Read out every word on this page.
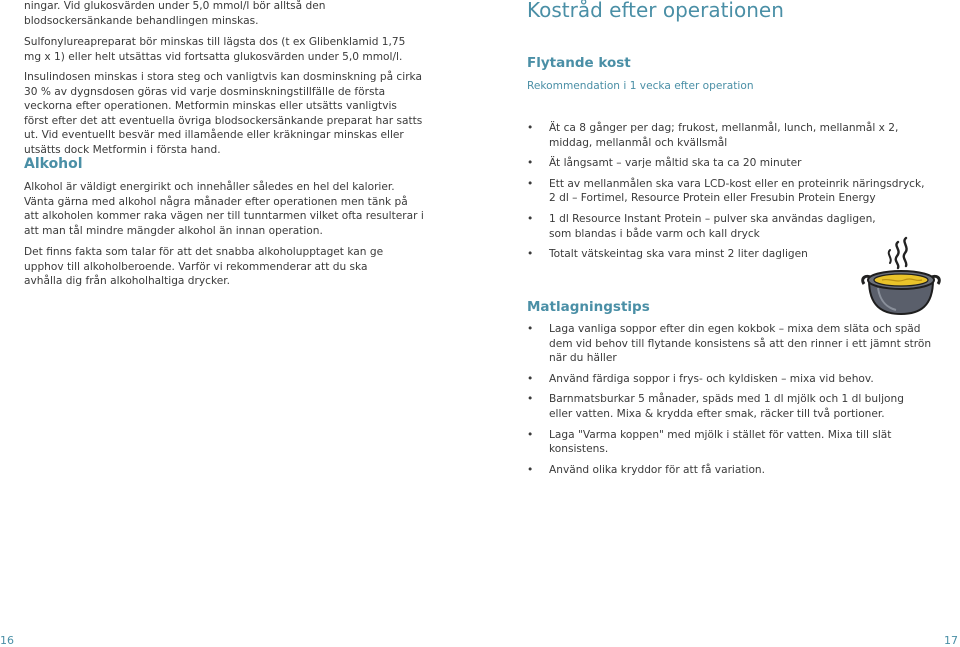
ningar. Vid glukosvärden under 5,0 mmol/l bör alltså den blodsockersänkande behandlingen minskas.

Sulfonylureapreparat bör minskas till lägsta dos (t ex Glibenklamid 1,75 mg x 1) eller helt utsättas vid fortsatta glukosvärden under 5,0 mmol/l.

Insulindosen minskas i stora steg och vanligtvis kan dosminskning på cirka 30 % av dygnsdosen göras vid varje dosminskningstillfälle de första veckorna efter operationen. Metformin minskas eller utsätts vanligtvis först efter det att eventuella övriga blodsockersänkande preparat har satts ut. Vid eventuellt besvär med illamående eller kräkningar minskas eller utsätts dock Metformin i första hand.

Alkohol

Alkohol är väldigt energirikt och innehåller således en hel del kalorier. Vänta gärna med alkohol några månader efter operationen men tänk på att alkoholen kommer raka vägen ner till tunntarmen vilket ofta resulterar i att man tål mindre mängder alkohol än innan operation.

Det finns fakta som talar för att det snabba alkoholupptaget kan ge upphov till alkoholberoende. Varför vi rekommenderar att du ska avhålla dig från alkoholhaltiga drycker.

16
Kostråd efter operationen
Flytande kost

Rekommendation i 1 vecka efter operation

• Ät ca 8 gånger per dag; frukost, mellanmål, lunch, mellanmål x 2, middag, mellanmål och kvällsmål
• Ät långsamt – varje måltid ska ta ca 20 minuter
• Ett av mellanmålen ska vara LCD-kost eller en proteinrik näringsdryck, 2 dl – Fortimel, Resource Protein eller Fresubin Protein Energy
• 1 dl Resource Instant Protein – pulver ska användas dagligen, som blandas i både varm och kall dryck
• Totalt vätskeintag ska vara minst 2 liter dagligen
Matlagningstips
• Laga vanliga soppor efter din egen kokbok – mixa dem släta och späd dem vid behov till flytande konsistens så att den rinner i ett jämnt strön när du häller
• Använd färdiga soppor i frys- och kyldisken – mixa vid behov.
• Barnmatsburkar 5 månader, späds med 1 dl mjölk och 1 dl buljong eller vatten. Mixa & krydda efter smak, räcker till två portioner.
• Laga "Varma koppen" med mjölk i stället för vatten. Mixa till slät konsistens.
• Använd olika kryddor för att få variation.
17
